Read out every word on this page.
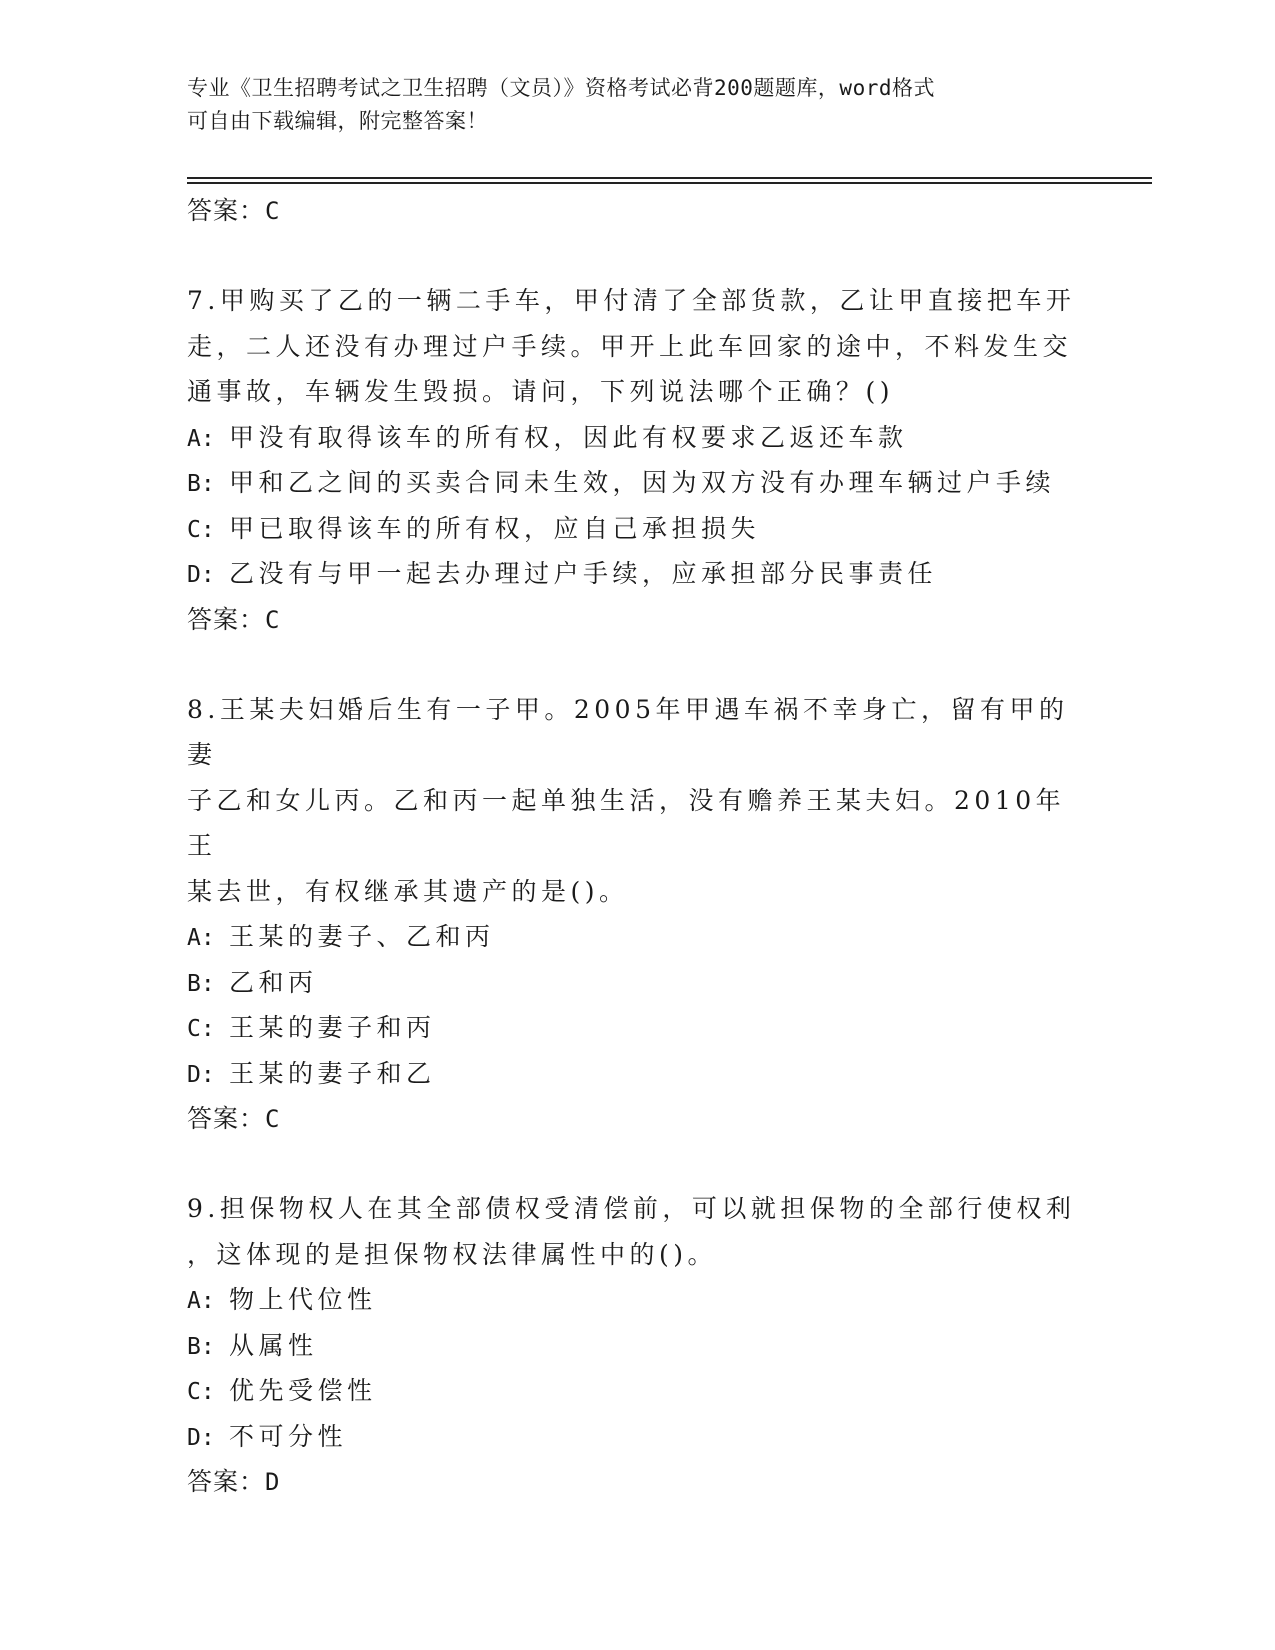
专业《卫生招聘考试之卫生招聘（文员）》资格考试必背200题题库，word格式
可自由下载编辑，附完整答案！
答案：C
7.甲购买了乙的一辆二手车，甲付清了全部货款，乙让甲直接把车开
走，二人还没有办理过户手续。甲开上此车回家的途中，不料发生交
通事故，车辆发生毁损。请问，下列说法哪个正确？()
A: 甲没有取得该车的所有权，因此有权要求乙返还车款
B: 甲和乙之间的买卖合同未生效，因为双方没有办理车辆过户手续
C: 甲已取得该车的所有权，应自己承担损失
D: 乙没有与甲一起去办理过户手续，应承担部分民事责任
答案：C
8.王某夫妇婚后生有一子甲。2005年甲遇车祸不幸身亡，留有甲的妻
子乙和女儿丙。乙和丙一起单独生活，没有赡养王某夫妇。2010年王
某去世，有权继承其遗产的是()。
A: 王某的妻子、乙和丙
B: 乙和丙
C: 王某的妻子和丙
D: 王某的妻子和乙
答案：C
9.担保物权人在其全部债权受清偿前，可以就担保物的全部行使权利
，这体现的是担保物权法律属性中的()。
A: 物上代位性
B: 从属性
C: 优先受偿性
D: 不可分性
答案：D
